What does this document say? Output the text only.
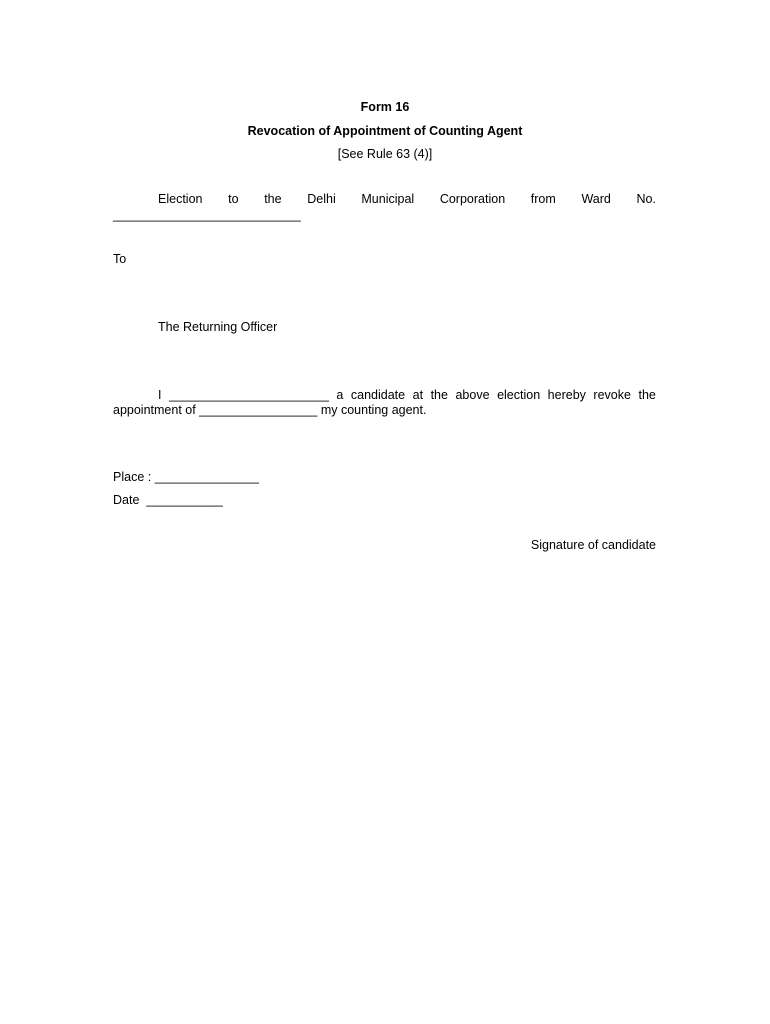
Form 16
Revocation of Appointment of Counting Agent
[See Rule 63 (4)]
Election to the Delhi Municipal Corporation from Ward No.
___________________________
To
The Returning Officer
I _______________________ a candidate at the above election hereby revoke the
appointment of _________________ my counting agent.
Place : _______________
Date  ___________
Signature of candidate
